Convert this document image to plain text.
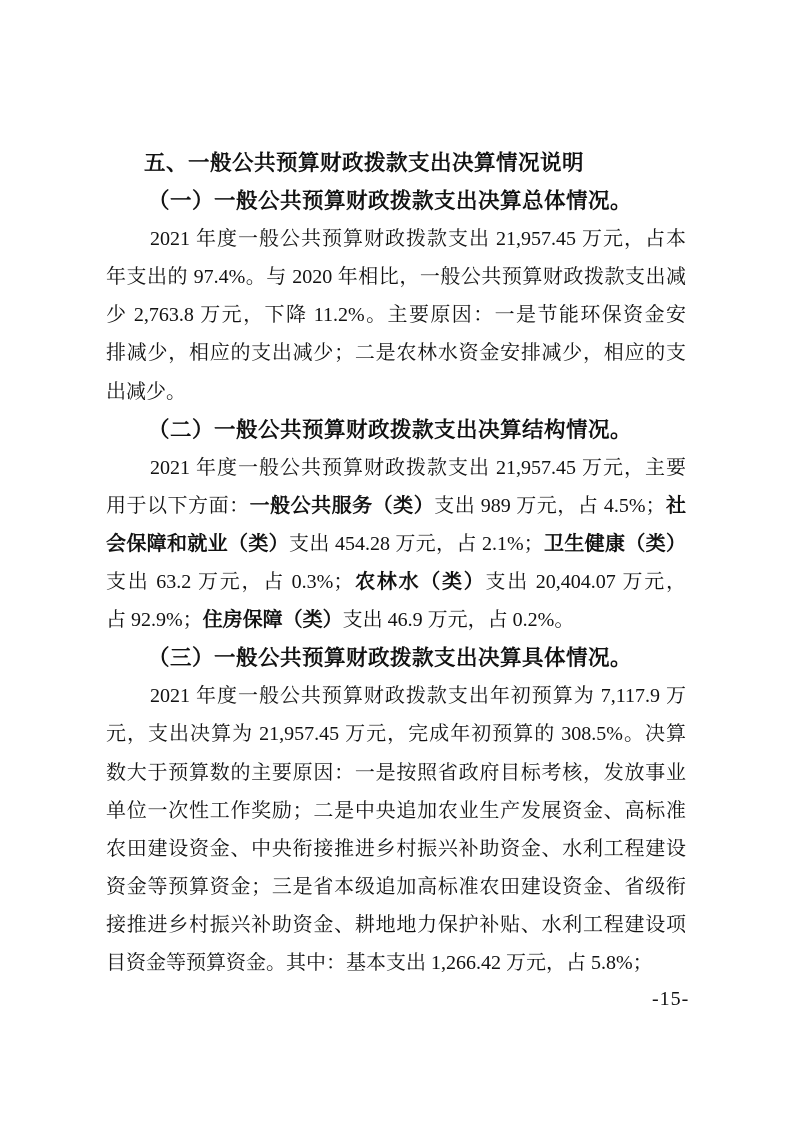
五、一般公共预算财政拨款支出决算情况说明
（一）一般公共预算财政拨款支出决算总体情况。
2021 年度一般公共预算财政拨款支出 21,957.45 万元，占本
年支出的 97.4%。与 2020 年相比，一般公共预算财政拨款支出减
少 2,763.8 万元，下降 11.2%。主要原因：一是节能环保资金安
排减少，相应的支出减少；二是农林水资金安排减少，相应的支
出减少。
（二）一般公共预算财政拨款支出决算结构情况。
2021 年度一般公共预算财政拨款支出 21,957.45 万元，主要
用于以下方面：一般公共服务（类）支出 989 万元，占 4.5%；社
会保障和就业（类）支出 454.28 万元，占 2.1%；卫生健康（类）
支出 63.2 万元，占 0.3%；农林水（类）支出 20,404.07 万元，
占 92.9%；住房保障（类）支出 46.9 万元，占 0.2%。
（三）一般公共预算财政拨款支出决算具体情况。
2021 年度一般公共预算财政拨款支出年初预算为 7,117.9 万
元，支出决算为 21,957.45 万元，完成年初预算的 308.5%。决算
数大于预算数的主要原因：一是按照省政府目标考核，发放事业
单位一次性工作奖励；二是中央追加农业生产发展资金、高标准
农田建设资金、中央衔接推进乡村振兴补助资金、水利工程建设
资金等预算资金；三是省本级追加高标准农田建设资金、省级衔
接推进乡村振兴补助资金、耕地地力保护补贴、水利工程建设项
目资金等预算资金。其中：基本支出 1,266.42 万元，占 5.8%；
-15-
